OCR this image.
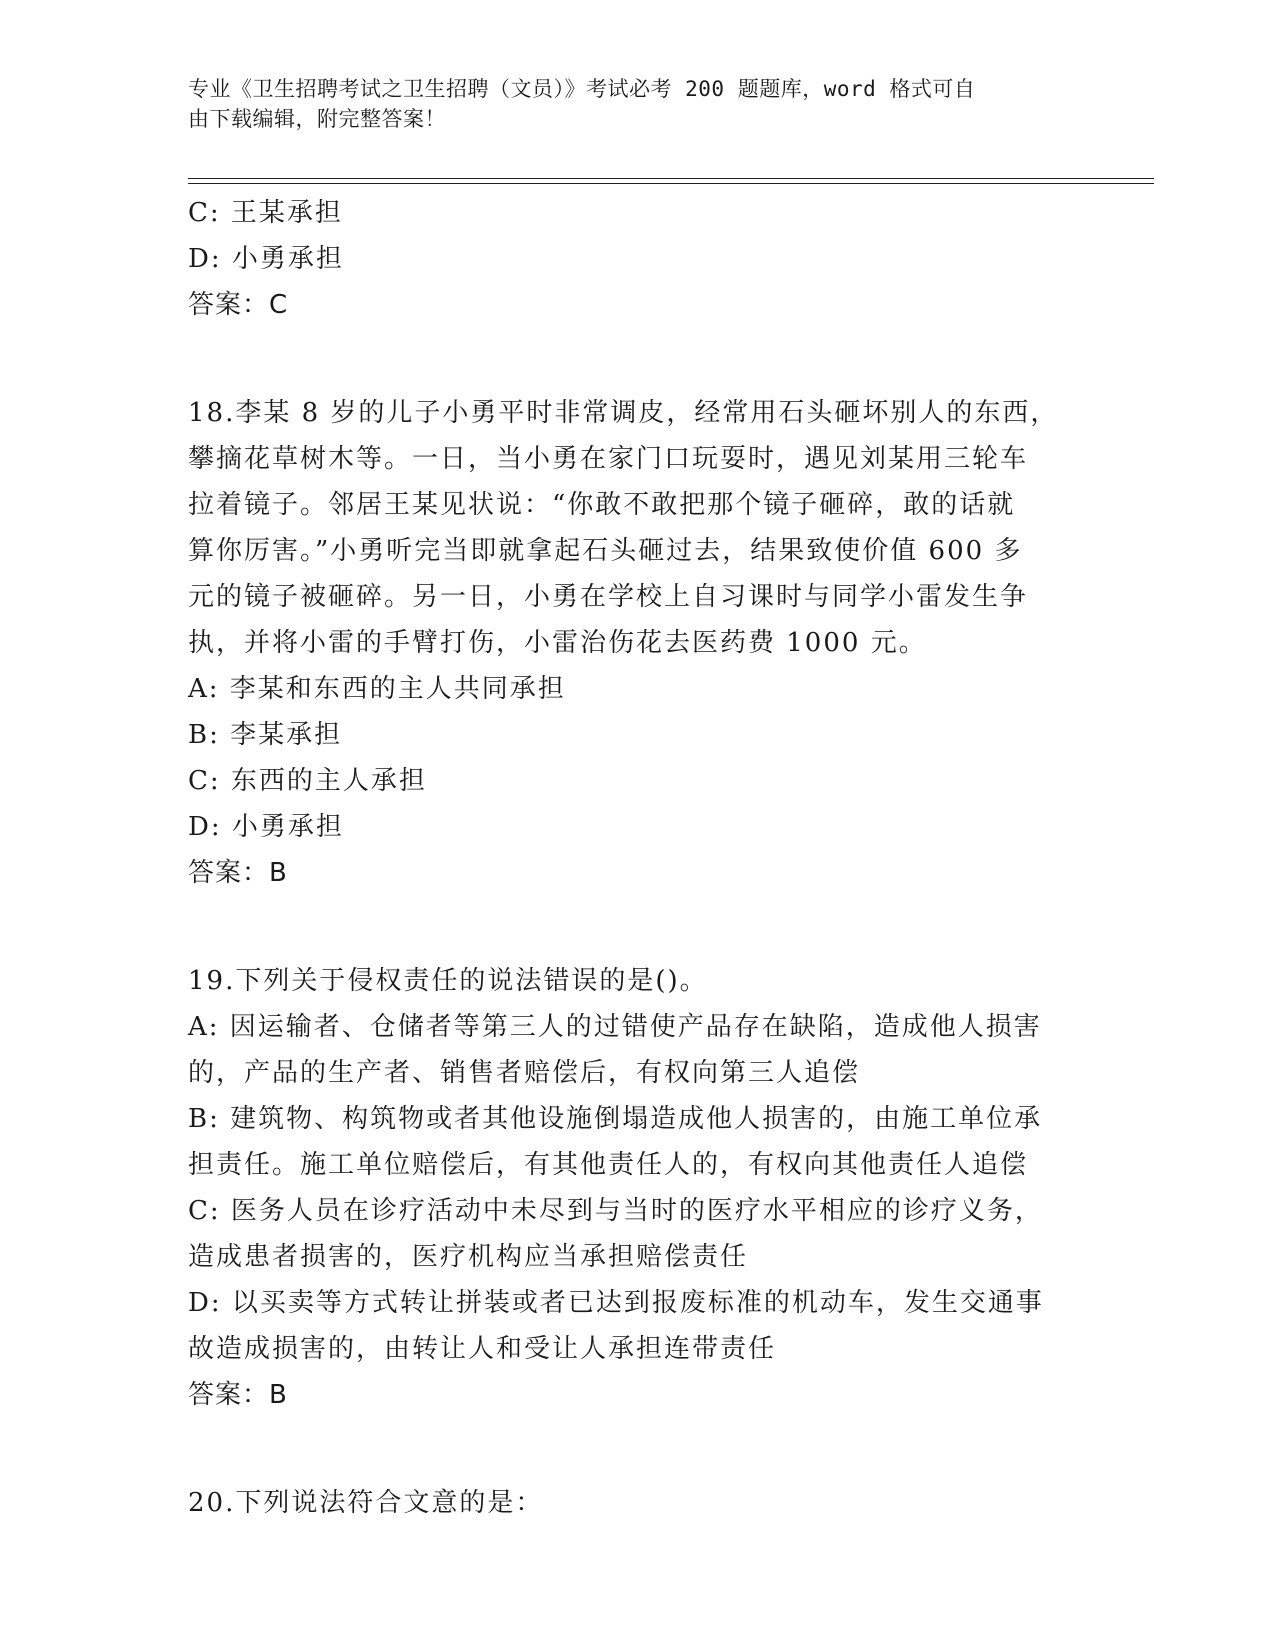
专业《卫生招聘考试之卫生招聘（文员）》考试必考 200 题题库，word 格式可自
由下载编辑，附完整答案！
C: 王某承担
D: 小勇承担
答案：C
18.李某 8 岁的儿子小勇平时非常调皮，经常用石头砸坏别人的东西，
攀摘花草树木等。一日，当小勇在家门口玩耍时，遇见刘某用三轮车
拉着镜子。邻居王某见状说：“你敢不敢把那个镜子砸碎，敢的话就
算你厉害。”小勇听完当即就拿起石头砸过去，结果致使价值 600 多
元的镜子被砸碎。另一日，小勇在学校上自习课时与同学小雷发生争
执，并将小雷的手臂打伤，小雷治伤花去医药费 1000 元。
A: 李某和东西的主人共同承担
B: 李某承担
C: 东西的主人承担
D: 小勇承担
答案：B
19.下列关于侵权责任的说法错误的是()。
A: 因运输者、仓储者等第三人的过错使产品存在缺陷，造成他人损害
的，产品的生产者、销售者赔偿后，有权向第三人追偿
B: 建筑物、构筑物或者其他设施倒塌造成他人损害的，由施工单位承
担责任。施工单位赔偿后，有其他责任人的，有权向其他责任人追偿
C: 医务人员在诊疗活动中未尽到与当时的医疗水平相应的诊疗义务，
造成患者损害的，医疗机构应当承担赔偿责任
D: 以买卖等方式转让拼装或者已达到报废标准的机动车，发生交通事
故造成损害的，由转让人和受让人承担连带责任
答案：B
20.下列说法符合文意的是：
